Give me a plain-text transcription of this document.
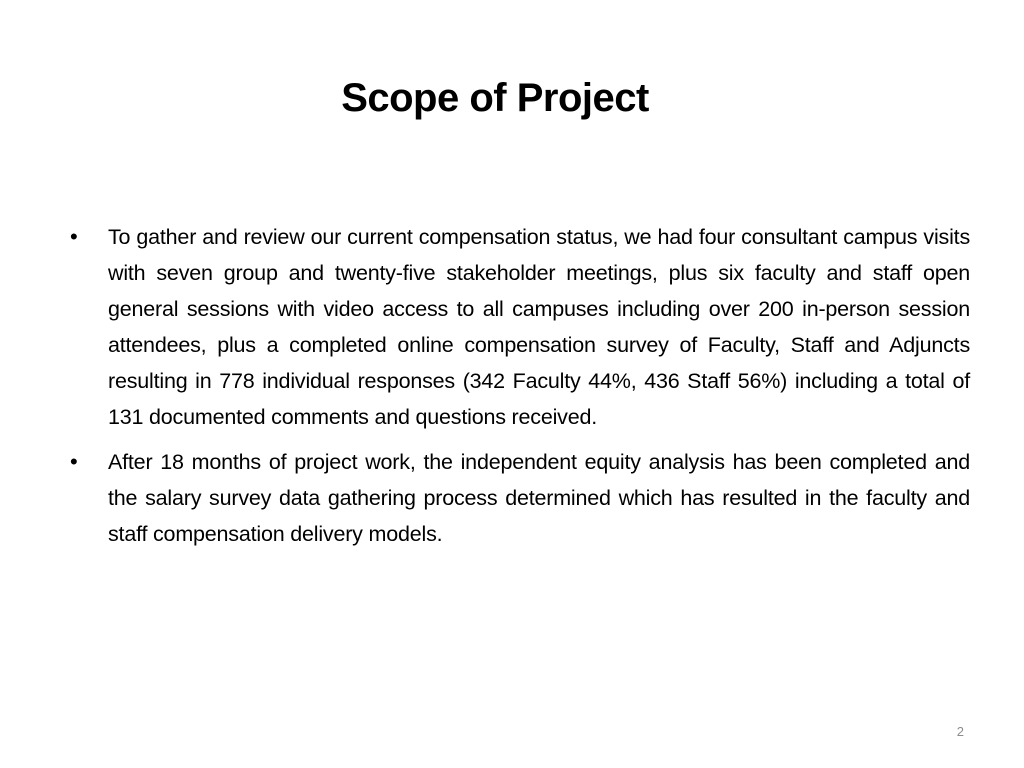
Scope of Project
• To gather and review our current compensation status, we had four consultant campus visits with seven group and twenty-five stakeholder meetings, plus six faculty and staff open general sessions with video access to all campuses including over 200 in-person session attendees, plus a completed online compensation survey of Faculty, Staff and Adjuncts resulting in 778 individual responses (342 Faculty 44%, 436 Staff 56%) including a total of 131 documented comments and questions received.
• After 18 months of project work, the independent equity analysis has been completed and the salary survey data gathering process determined which has resulted in the faculty and staff compensation delivery models.
2
